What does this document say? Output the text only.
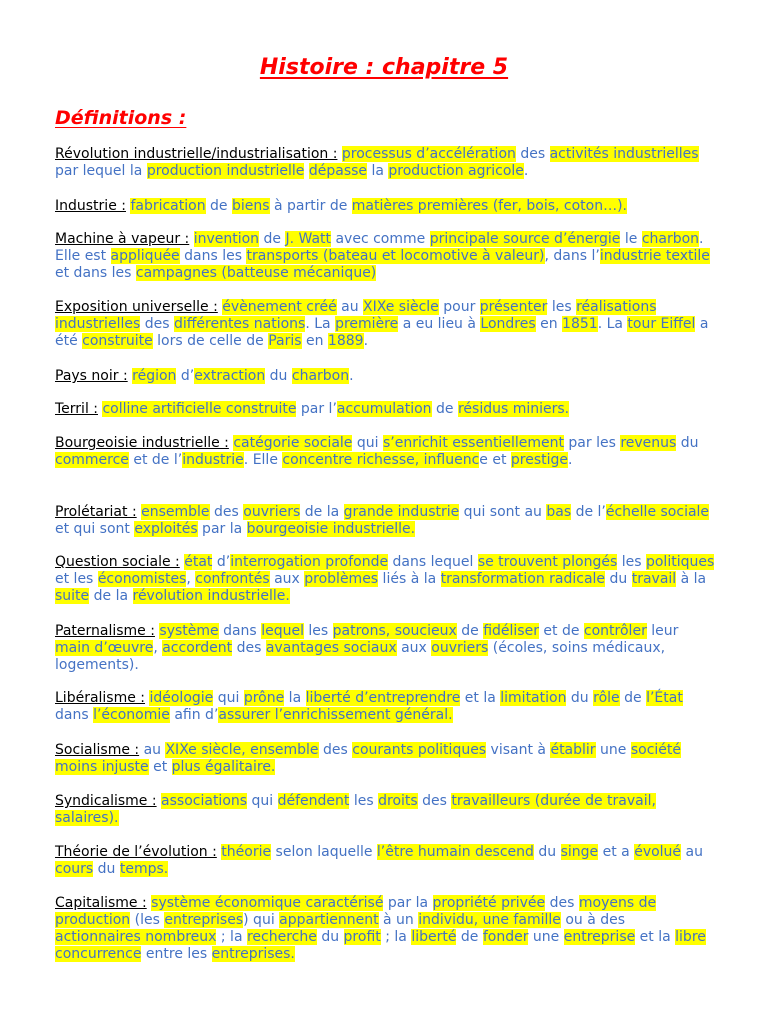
Histoire : chapitre 5
Définitions :

Révolution industrielle/industrialisation : processus d’accélération des activités industrielles par lequel la production industrielle dépasse la production agricole.

Industrie : fabrication de biens à partir de matières premières (fer, bois, coton…).

Machine à vapeur : invention de J. Watt avec comme principale source d’énergie le charbon. Elle est appliquée dans les transports (bateau et locomotive à valeur), dans l’industrie textile et dans les campagnes (batteuse mécanique)

Exposition universelle : évènement créé au XIXe siècle pour présenter les réalisations industrielles des différentes nations. La première a eu lieu à Londres en 1851. La tour Eiffel a été construite lors de celle de Paris en 1889.

Pays noir : région d’extraction du charbon.

Terril : colline artificielle construite par l’accumulation de résidus miniers.

Bourgeoisie industrielle : catégorie sociale qui s’enrichit essentiellement par les revenus du commerce et de l’industrie. Elle concentre richesse, influence et prestige.

Prolétariat : ensemble des ouvriers de la grande industrie qui sont au bas de l’échelle sociale et qui sont exploités par la bourgeoisie industrielle.

Question sociale : état d’interrogation profonde dans lequel se trouvent plongés les politiques et les économistes, confrontés aux problèmes liés à la transformation radicale du travail à la suite de la révolution industrielle.

Paternalisme : système dans lequel les patrons, soucieux de fidéliser et de contrôler leur main d’œuvre, accordent des avantages sociaux aux ouvriers (écoles, soins médicaux, logements).

Libéralisme : idéologie qui prône la liberté d’entreprendre et la limitation du rôle de l’État dans l’économie afin d’assurer l’enrichissement général.

Socialisme : au XIXe siècle, ensemble des courants politiques visant à établir une société moins injuste et plus égalitaire.

Syndicalisme : associations qui défendent les droits des travailleurs (durée de travail, salaires).

Théorie de l’évolution : théorie selon laquelle l’être humain descend du singe et a évolué au cours du temps.

Capitalisme : système économique caractérisé par la propriété privée des moyens de production (les entreprises) qui appartiennent à un individu, une famille ou à des actionnaires nombreux ; la recherche du profit ; la liberté de fonder une entreprise et la libre concurrence entre les entreprises.
